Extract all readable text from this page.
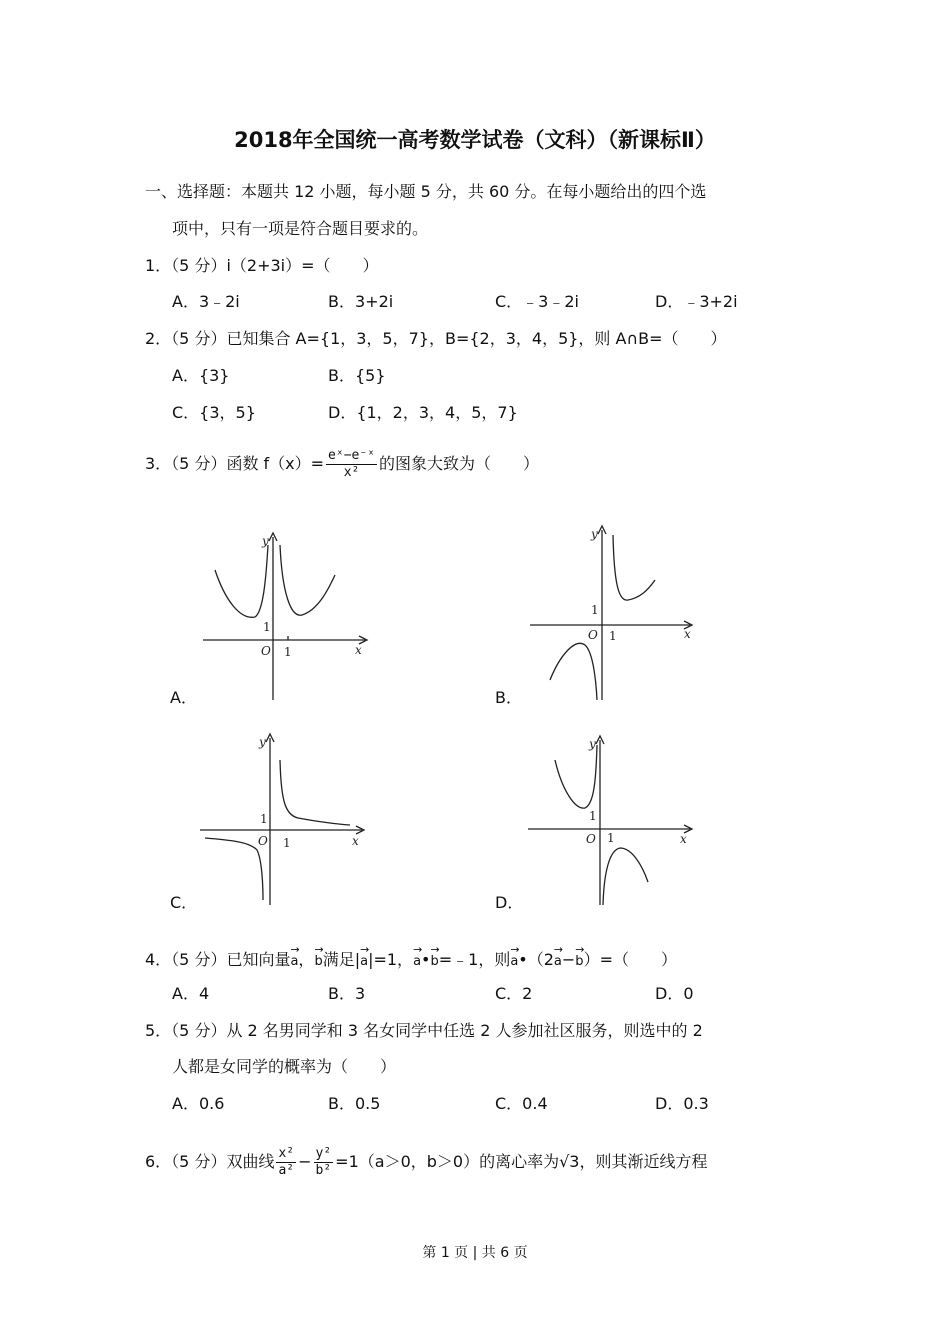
2018年全国统一高考数学试卷（文科）（新课标Ⅱ）
一、选择题：本题共 12 小题，每小题 5 分，共 60 分。在每小题给出的四个选
项中，只有一项是符合题目要求的。
1．（5 分）i（2+3i）=（　　）
A．3﹣2i	B．3+2i	C．﹣3﹣2i	D．﹣3+2i
2．（5 分）已知集合 A={1，3，5，7}，B={2，3，4，5}，则 A∩B=（　　）
A．{3}	B．{5}
C．{3，5}	D．{1，2，3，4，5，7}
3．（5 分）函数 $f(x)= \frac{\text{eˣ−e⁻ˣ}}{\text{x²}}$ 的图象大致为（　　）
y
x
O 1
1
y
x
O 1
1
y
x
O 1
1
y
x
O 1
1
A．	B．
C．	D．
4．（5 分）已知向量→ a，→ b满足|→ a|=1，→ a•→ b=﹣1，则→ a•（2→ a−→ b）=（　　）
A．4	B．3	C．2	D．0
5．（5 分）从 2 名男同学和 3 名女同学中任选 2 人参加社区服务，则选中的 2
人都是女同学的概率为（　　）
A．0.6	B．0.5	C．0.4	D．0.3
6．（5 分）双曲线 $\frac{\text{x²}}{\text{a²}} - \frac{\text{y²}}{\text{b²}} =1(a>0$，b＞0）的离心率为√3，则其渐近线方程
第 1 页 | 共 6 页
